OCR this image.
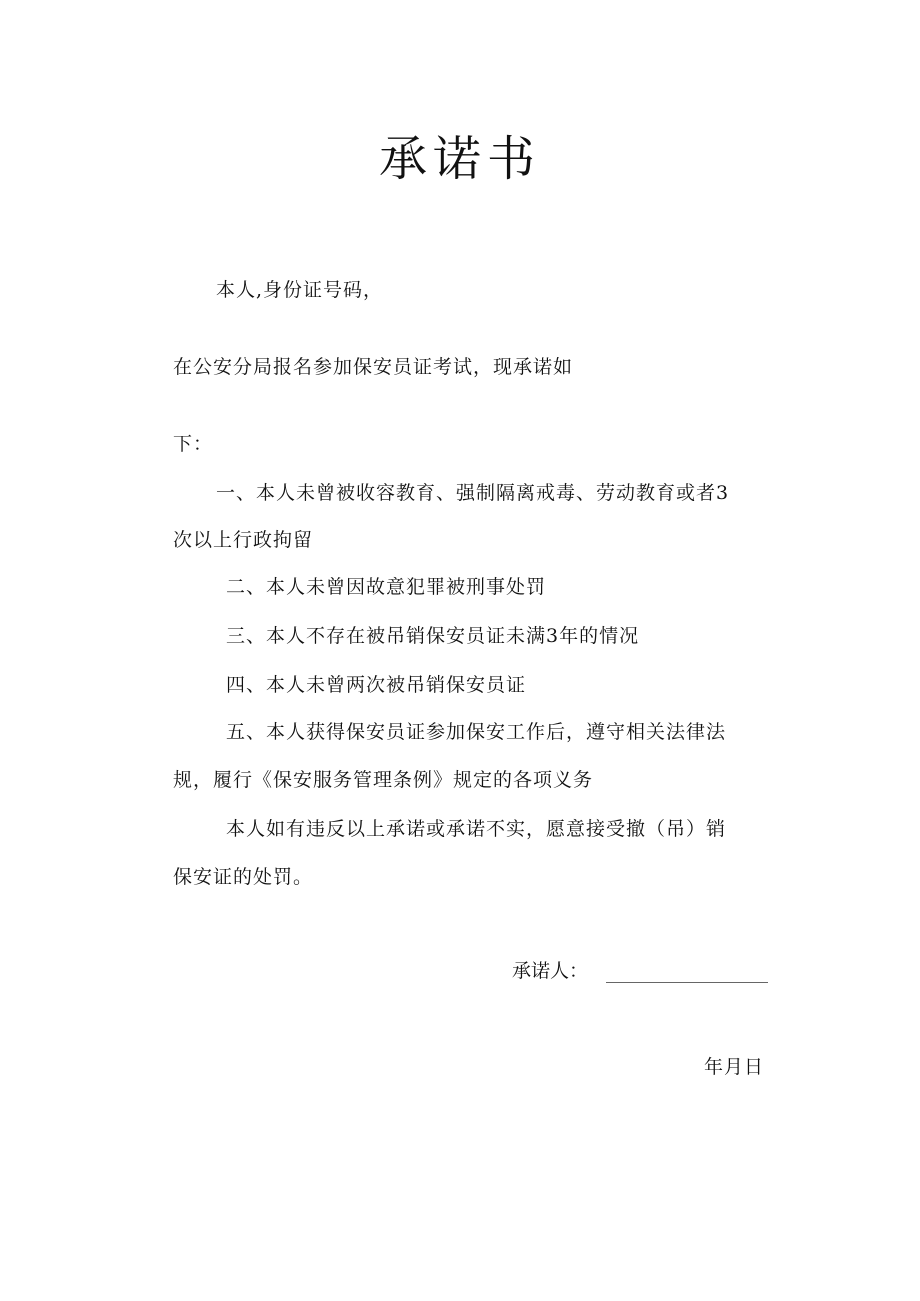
承诺书
本人,身份证号码，
在公安分局报名参加保安员证考试，现承诺如
下：
一、本人未曾被收容教育、强制隔离戒毒、劳动教育或者3
次以上行政拘留
二、本人未曾因故意犯罪被刑事处罚
三、本人不存在被吊销保安员证未满3年的情况
四、本人未曾两次被吊销保安员证
五、本人获得保安员证参加保安工作后，遵守相关法律法
规，履行《保安服务管理条例》规定的各项义务
本人如有违反以上承诺或承诺不实，愿意接受撤（吊）销
保安证的处罚。
承诺人：
年月日
